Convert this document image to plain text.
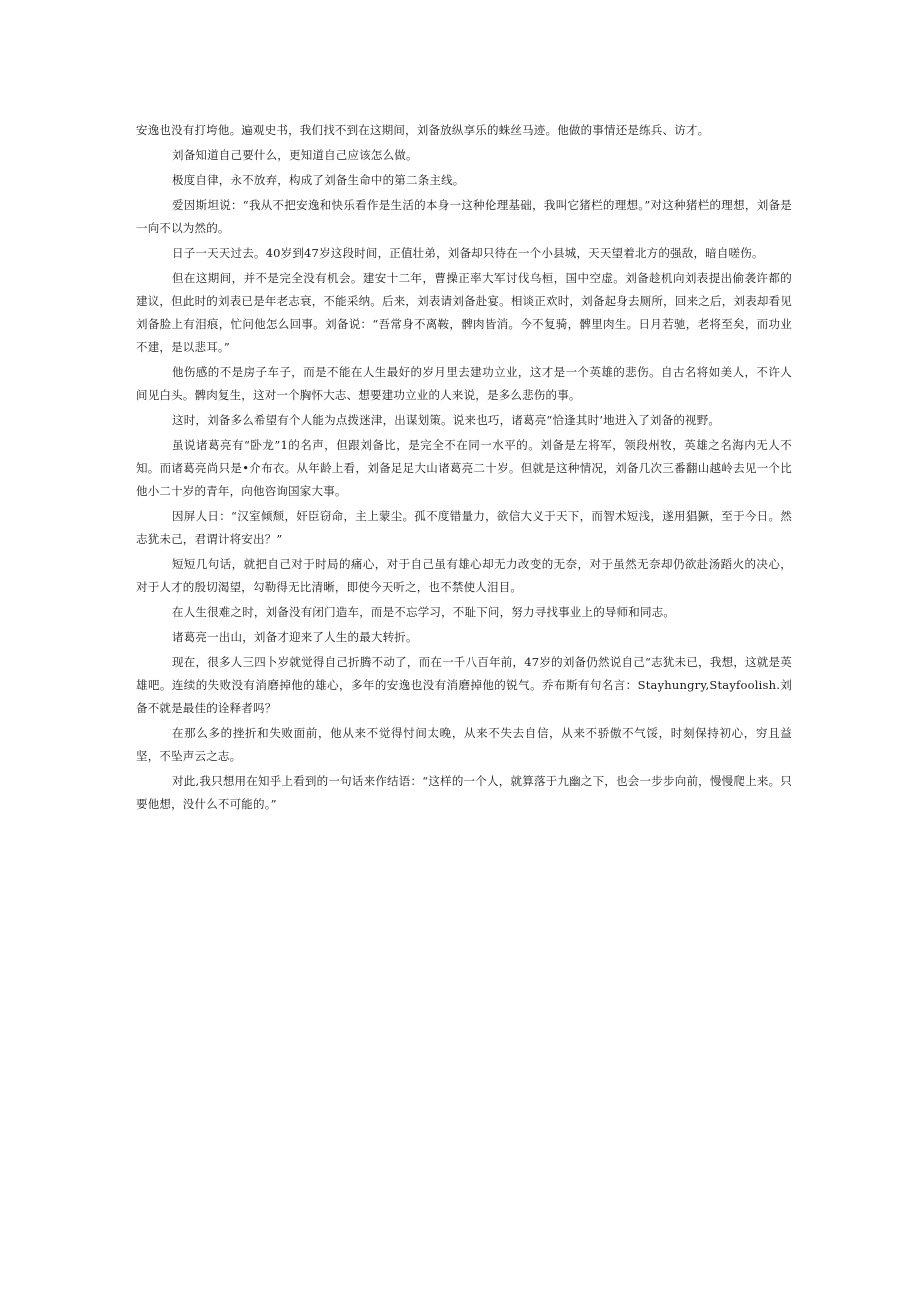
安逸也没有打垮他。遍观史书，我们找不到在这期间，刘备放纵享乐的蛛丝马迹。他做的事情还是练兵、访才。

刘备知道自己要什么，更知道自己应该怎么做。

极度自律，永不放弃，构成了刘备生命中的第二条主线。

爱因斯坦说：“我从不把安逸和快乐看作是生活的本身一这种伦理基础，我叫它猪栏的理想。”对这种猪栏的理想，刘备是一向不以为然的。

日子一天天过去。40岁到47岁这段时间，正值壮弟，刘备却只待在一个小县城，天天望着北方的强敌，暗自嗟伤。

但在这期间，并不是完全没有机会。建安十二年，曹操正率大军讨伐乌桓，国中空虚。刘备趁机向刘表提出偷袭许都的建议，但此时的刘表已是年老志衰，不能采纳。后来，刘表请刘备赴宴。相谈正欢时，刘备起身去厕所，回来之后，刘表却看见刘备脸上有泪痕，忙问他怎么回事。刘备说：“吾常身不离鞍，髀肉皆消。今不复骑，髀里肉生。日月若驰，老将至矣，而功业不建，是以悲耳。”

他伤感的不是房子车子，而是不能在人生最好的岁月里去建功立业，这才是一个英雄的悲伤。自古名将如美人，不许人间见白头。髀肉复生，这对一个胸怀大志、想要建功立业的人来说，是多么悲伤的事。

这时，刘备多么希望有个人能为点拨迷津，出谋划策。说来也巧，诸葛亮“恰逢其时’地进入了刘备的视野。

虽说诸葛亮有“卧龙”1的名声，但跟刘备比，是完全不在同一水平的。刘备是左将军，领段州牧，英雄之名海内无人不知。而诸葛亮尚只是•介布衣。从年龄上看，刘备足足大山诸葛亮二十岁。但就是这种情况，刘备几次三番翻山越岭去见一个比他小二十岁的青年，向他咨询国家大事。

因屏人日：“汉室倾颓，奸臣窃命，主上蒙尘。孤不度错量力，欲信大义于天下，而智术短浅，遂用猖獗，至于今日。然志犹未己，君谓计将安出？”

短短几句话，就把自己对于时局的痛心，对于自己虽有雄心却无力改变的无奈，对于虽然无奈却仍欲赴汤蹈火的决心，对于人才的殷切渴望，勾勒得无比清晰，即使今天听之，也不禁使人泪目。

在人生很难之时，刘备没有闭门造车，而是不忘学习，不耻下问，努力寻找事业上的导师和同志。

诸葛亮一出山，刘备才迎来了人生的最大转折。

现在，很多人三四卜岁就觉得自己折腾不动了，而在一千八百年前，47岁的刘备仍然说自己“志犹未已，我想，这就是英雄吧。连续的失败没有消磨掉他的雄心，多年的安逸也没有消磨掉他的锐气。乔布斯有句名言：Stayhungry,Stayfoolish.刘备不就是最佳的诠释者吗？

在那么多的挫折和失败面前，他从来不觉得忖间太晚，从来不失去自信，从来不骄傲不气馁，时刻保持初心，穷且益坚，不坠声云之志。

对此,我只想用在知乎上看到的一句话来作结语：“这样的一个人，就算落于九幽之下，也会一步步向前，慢慢爬上来。只要他想，没什么不可能的。”
